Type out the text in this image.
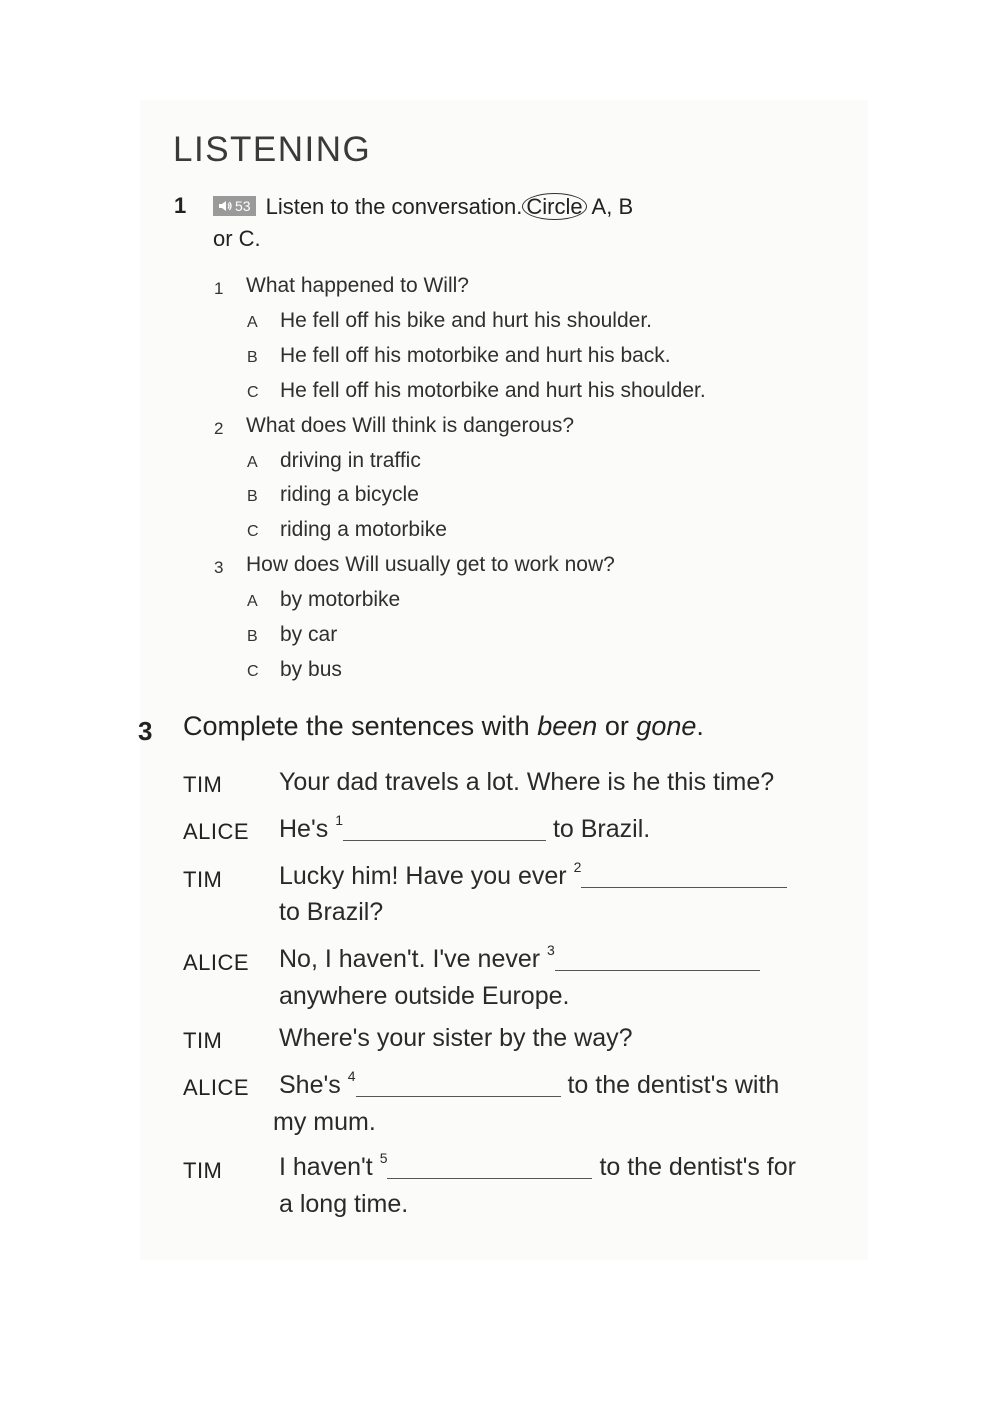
LISTENING
1	53 Listen to the conversation. Circle A, B
or C.
1 What happened to Will?
A He fell off his bike and hurt his shoulder.
B He fell off his motorbike and hurt his back.
C He fell off his motorbike and hurt his shoulder.
2 What does Will think is dangerous?
A driving in traffic
B riding a bicycle
C riding a motorbike
3 How does Will usually get to work now?
A by motorbike
B by car
C by bus
3 Complete the sentences with been or gone.
TIM Your dad travels a lot. Where is he this time?
ALICE He's $^1$	to Brazil.
TIM Lucky him! Have you ever $^2$
to Brazil?
ALICE No, I haven't. I've never $^3$
anywhere outside Europe.
TIM Where's your sister by the way?
ALICE She's $^4$	to the dentist's with
my mum.
TIM I haven't $^5$	to the dentist's for
a long time.
